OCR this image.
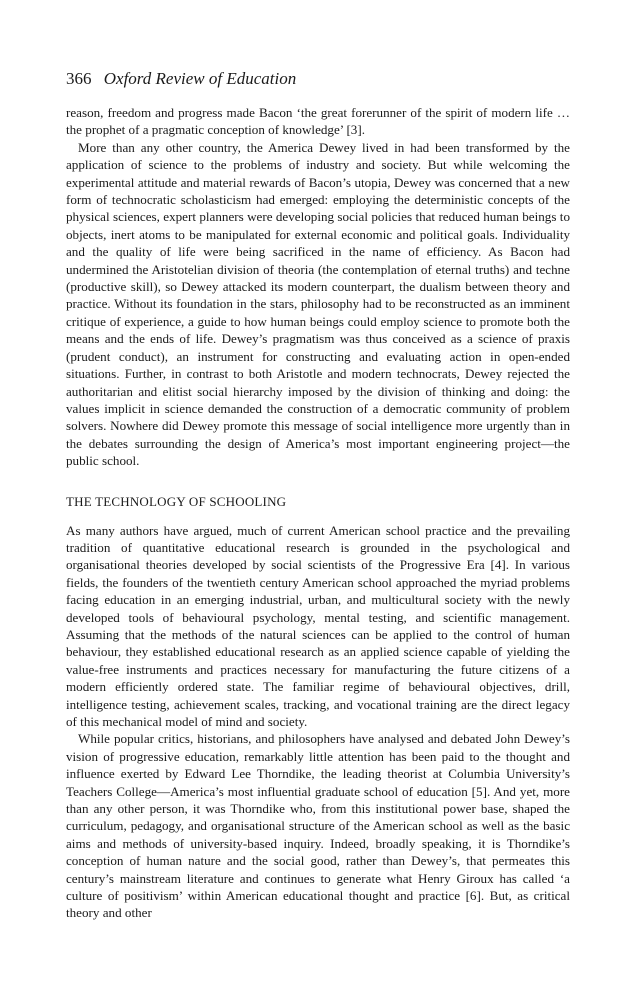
366 Oxford Review of Education

reason, freedom and progress made Bacon ‘the great forerunner of the spirit of modern life … the prophet of a pragmatic conception of knowledge’ [3].

More than any other country, the America Dewey lived in had been transformed by the application of science to the problems of industry and society. But while welcoming the experimental attitude and material rewards of Bacon’s utopia, Dewey was concerned that a new form of technocratic scholasticism had emerged: employing the deterministic concepts of the physical sciences, expert planners were developing social policies that reduced human beings to objects, inert atoms to be manipulated for external economic and political goals. Individuality and the quality of life were being sacrificed in the name of efficiency. As Bacon had undermined the Aristotelian division of theoria (the contemplation of eternal truths) and techne (productive skill), so Dewey attacked its modern counterpart, the dualism between theory and practice. Without its foundation in the stars, philosophy had to be reconstructed as an imminent critique of experience, a guide to how human beings could employ science to promote both the means and the ends of life. Dewey’s pragmatism was thus conceived as a science of praxis (prudent conduct), an instrument for constructing and evaluating action in open-ended situations. Further, in contrast to both Aristotle and modern technocrats, Dewey rejected the authoritarian and elitist social hierarchy imposed by the division of thinking and doing: the values implicit in science demanded the construction of a democratic community of problem solvers. Nowhere did Dewey promote this message of social intelligence more urgently than in the debates surrounding the design of America’s most important engineering project—the public school.

THE TECHNOLOGY OF SCHOOLING

As many authors have argued, much of current American school practice and the prevailing tradition of quantitative educational research is grounded in the psychological and organisational theories developed by social scientists of the Progressive Era [4]. In various fields, the founders of the twentieth century American school approached the myriad problems facing education in an emerging industrial, urban, and multicultural society with the newly developed tools of behavioural psychology, mental testing, and scientific management. Assuming that the methods of the natural sciences can be applied to the control of human behaviour, they established educational research as an applied science capable of yielding the value-free instruments and practices necessary for manufacturing the future citizens of a modern efficiently ordered state. The familiar regime of behavioural objectives, drill, intelligence testing, achievement scales, tracking, and vocational training are the direct legacy of this mechanical model of mind and society.

While popular critics, historians, and philosophers have analysed and debated John Dewey’s vision of progressive education, remarkably little attention has been paid to the thought and influence exerted by Edward Lee Thorndike, the leading theorist at Columbia University’s Teachers College—America’s most influential graduate school of education [5]. And yet, more than any other person, it was Thorndike who, from this institutional power base, shaped the curriculum, pedagogy, and organisational structure of the American school as well as the basic aims and methods of university-based inquiry. Indeed, broadly speaking, it is Thorndike’s conception of human nature and the social good, rather than Dewey’s, that permeates this century’s mainstream literature and continues to generate what Henry Giroux has called ‘a culture of positivism’ within American educational thought and practice [6]. But, as critical theory and other
